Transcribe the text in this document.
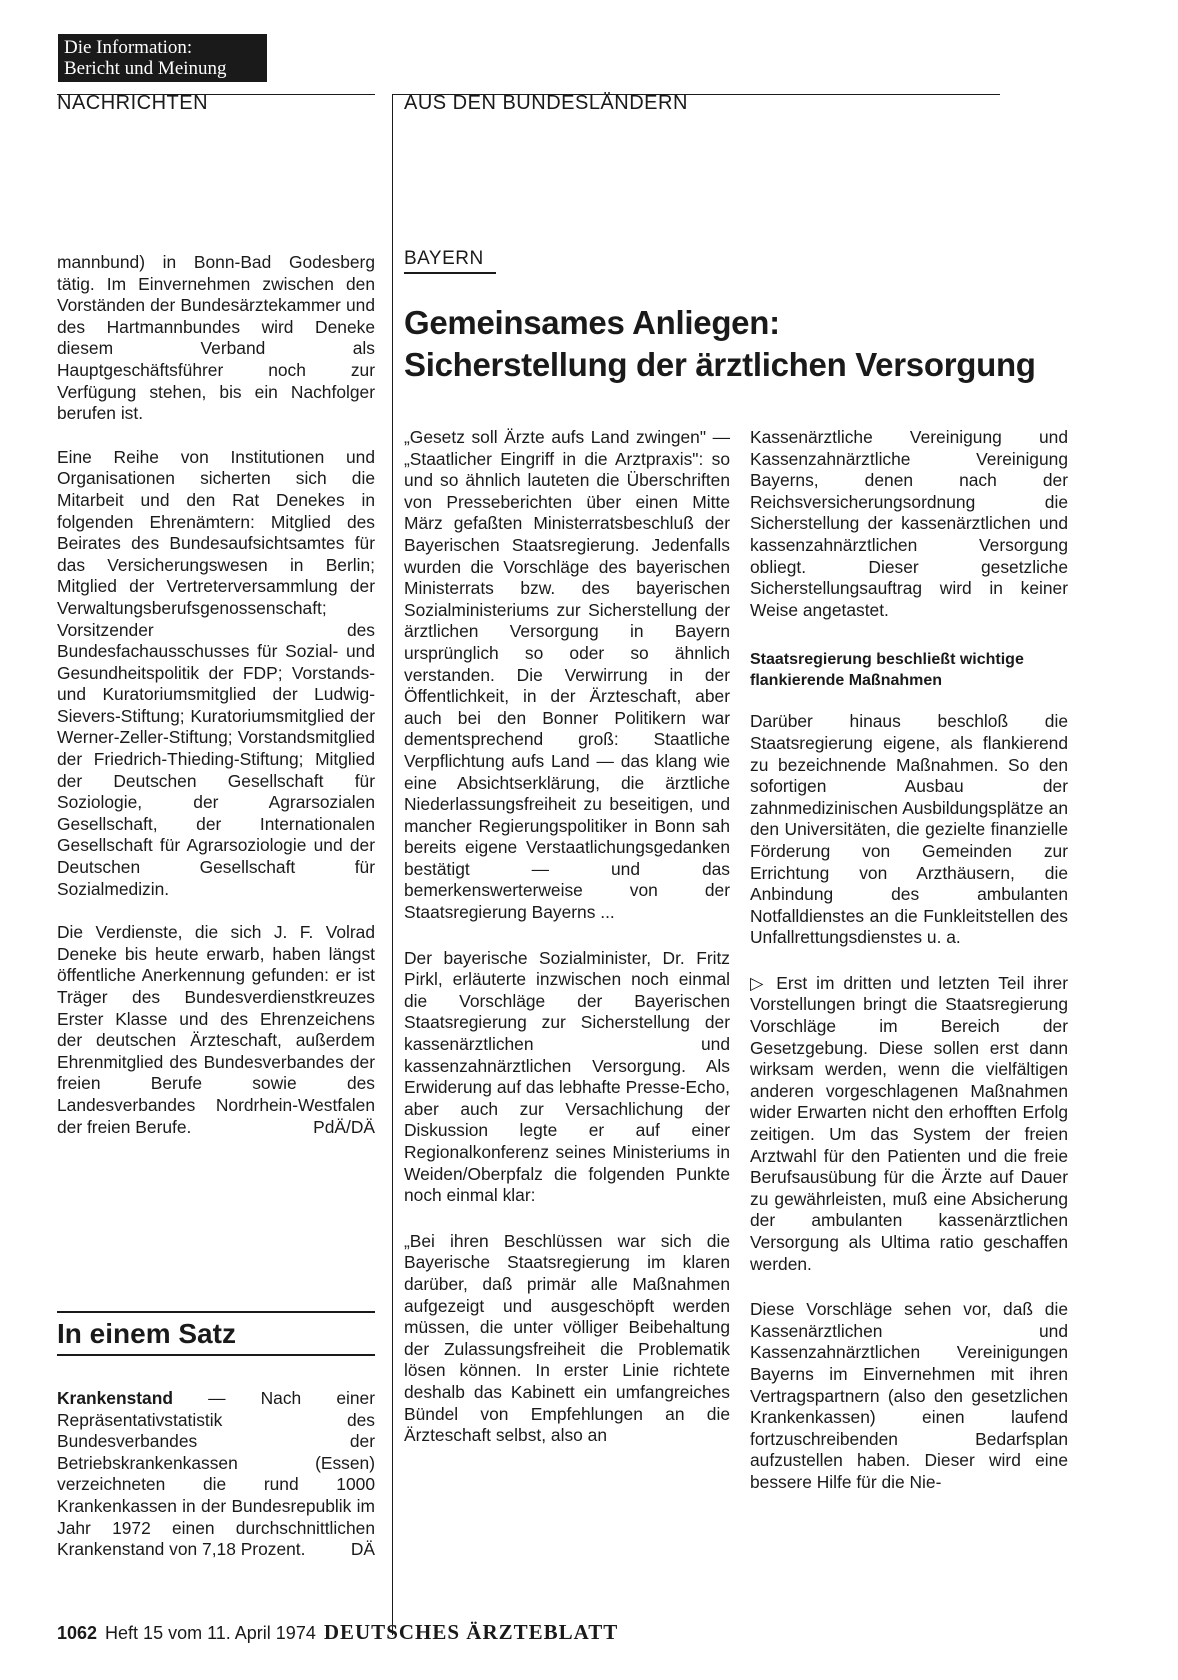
Die Information:
Bericht und Meinung
NACHRICHTEN	AUS DEN BUNDESLÄNDERN

mannbund) in Bonn-Bad Godesberg tätig. Im Einvernehmen zwischen den Vorständen der Bundesärztekammer und des Hartmannbundes wird Deneke diesem Verband als Hauptgeschäftsführer noch zur Verfügung stehen, bis ein Nachfolger berufen ist.

Eine Reihe von Institutionen und Organisationen sicherten sich die Mitarbeit und den Rat Denekes in folgenden Ehrenämtern: Mitglied des Beirates des Bundesaufsichtsamtes für das Versicherungswesen in Berlin; Mitglied der Vertreterversammlung der Verwaltungsberufsgenossenschaft; Vorsitzender des Bundesfachausschusses für Sozial- und Gesundheitspolitik der FDP; Vorstands- und Kuratoriumsmitglied der Ludwig-Sievers-Stiftung; Kuratoriumsmitglied der Werner-Zeller-Stiftung; Vorstandsmitglied der Friedrich-Thieding-Stiftung; Mitglied der Deutschen Gesellschaft für Soziologie, der Agrarsozialen Gesellschaft, der Internationalen Gesellschaft für Agrarsoziologie und der Deutschen Gesellschaft für Sozialmedizin.

Die Verdienste, die sich J. F. Volrad Deneke bis heute erwarb, haben längst öffentliche Anerkennung gefunden: er ist Träger des Bundesverdienstkreuzes Erster Klasse und des Ehrenzeichens der deutschen Ärzteschaft, außerdem Ehrenmitglied des Bundesverbandes der freien Berufe sowie des Landesverbandes Nordrhein-Westfalen der freien Berufe.	PdÄ/DÄ

In einem Satz
Krankenstand — Nach einer Repräsentativstatistik des Bundesverbandes der Betriebskrankenkassen (Essen) verzeichneten die rund 1000 Krankenkassen in der Bundesrepublik im Jahr 1972 einen durchschnittlichen Krankenstand von 7,18 Prozent.	DÄ
BAYERN
Gemeinsames Anliegen:
Sicherstellung der ärztlichen Versorgung

„Gesetz soll Ärzte aufs Land zwingen" — „Staatlicher Eingriff in die Arztpraxis": so und so ähnlich lauteten die Überschriften von Presseberichten über einen Mitte März gefaßten Ministerratsbeschluß der Bayerischen Staatsregierung. Jedenfalls wurden die Vorschläge des bayerischen Ministerrats bzw. des bayerischen Sozialministeriums zur Sicherstellung der ärztlichen Versorgung in Bayern ursprünglich so oder so ähnlich verstanden. Die Verwirrung in der Öffentlichkeit, in der Ärzteschaft, aber auch bei den Bonner Politikern war dementsprechend groß: Staatliche Verpflichtung aufs Land — das klang wie eine Absichtserklärung, die ärztliche Niederlassungsfreiheit zu beseitigen, und mancher Regierungspolitiker in Bonn sah bereits eigene Verstaatlichungsgedanken bestätigt — und das bemerkenswerterweise von der Staatsregierung Bayerns ...

Der bayerische Sozialminister, Dr. Fritz Pirkl, erläuterte inzwischen noch einmal die Vorschläge der Bayerischen Staatsregierung zur Sicherstellung der kassenärztlichen und kassenzahnärztlichen Versorgung. Als Erwiderung auf das lebhafte Presse-Echo, aber auch zur Versachlichung der Diskussion legte er auf einer Regionalkonferenz seines Ministeriums in Weiden/Oberpfalz die folgenden Punkte noch einmal klar:

„Bei ihren Beschlüssen war sich die Bayerische Staatsregierung im klaren darüber, daß primär alle Maßnahmen aufgezeigt und ausgeschöpft werden müssen, die unter völliger Beibehaltung der Zulassungsfreiheit die Problematik lösen können. In erster Linie richtete deshalb das Kabinett ein umfangreiches Bündel von Empfehlungen an die Ärzteschaft selbst, also an

Kassenärztliche Vereinigung und Kassenzahnärztliche Vereinigung Bayerns, denen nach der Reichsversicherungsordnung die Sicherstellung der kassenärztlichen und kassenzahnärztlichen Versorgung obliegt. Dieser gesetzliche Sicherstellungsauftrag wird in keiner Weise angetastet.

Staatsregierung beschließt wichtige flankierende Maßnahmen

Darüber hinaus beschloß die Staatsregierung eigene, als flankierend zu bezeichnende Maßnahmen. So den sofortigen Ausbau der zahnmedizinischen Ausbildungsplätze an den Universitäten, die gezielte finanzielle Förderung von Gemeinden zur Errichtung von Arzthäusern, die Anbindung des ambulanten Notfalldienstes an die Funkleitstellen des Unfallrettungsdienstes u. a.

▷ Erst im dritten und letzten Teil ihrer Vorstellungen bringt die Staatsregierung Vorschläge im Bereich der Gesetzgebung. Diese sollen erst dann wirksam werden, wenn die vielfältigen anderen vorgeschlagenen Maßnahmen wider Erwarten nicht den erhofften Erfolg zeitigen. Um das System der freien Arztwahl für den Patienten und die freie Berufsausübung für die Ärzte auf Dauer zu gewährleisten, muß eine Absicherung der ambulanten kassenärztlichen Versorgung als Ultima ratio geschaffen werden.

Diese Vorschläge sehen vor, daß die Kassenärztlichen und Kassenzahnärztlichen Vereinigungen Bayerns im Einvernehmen mit ihren Vertragspartnern (also den gesetzlichen Krankenkassen) einen laufend fortzuschreibenden Bedarfsplan aufzustellen haben. Dieser wird eine bessere Hilfe für die Nie-

1062 Heft 15 vom 11. April 1974 DEUTSCHES ÄRZTEBLATT
